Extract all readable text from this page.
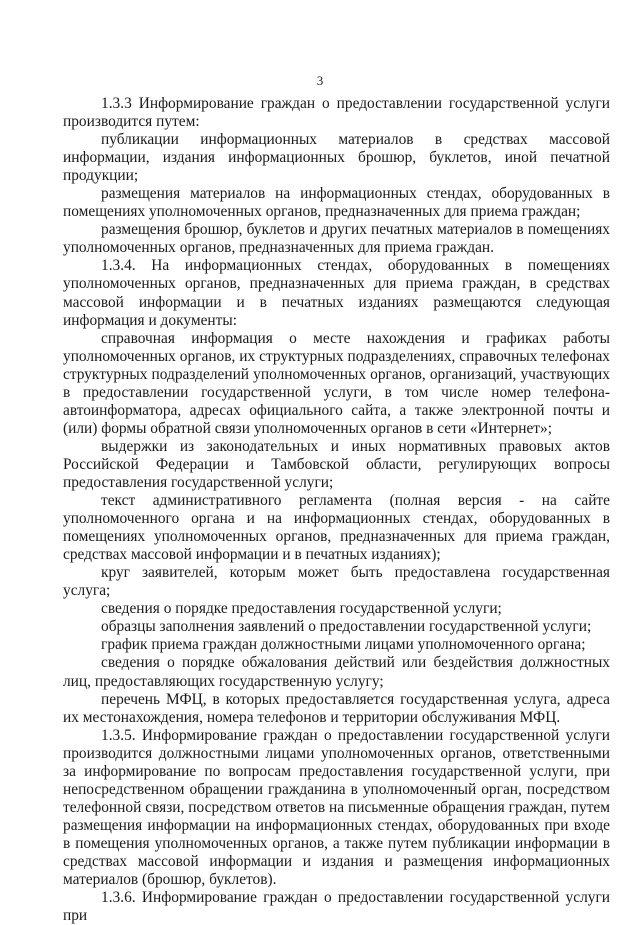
3

1.3.3 Информирование граждан о предоставлении государственной услуги производится путем:

публикации информационных материалов в средствах массовой информации, издания информационных брошюр, буклетов, иной печатной продукции;

размещения материалов на информационных стендах, оборудованных в помещениях уполномоченных органов, предназначенных для приема граждан;

размещения брошюр, буклетов и других печатных материалов в помещениях уполномоченных органов, предназначенных для приема граждан.

1.3.4. На информационных стендах, оборудованных в помещениях уполномоченных органов, предназначенных для приема граждан, в средствах массовой информации и в печатных изданиях размещаются следующая информация и документы:

справочная информация о месте нахождения и графиках работы уполномоченных органов, их структурных подразделениях, справочных телефонах структурных подразделений уполномоченных органов, организаций, участвующих в предоставлении государственной услуги, в том числе номер телефона-автоинформатора, адресах официального сайта, а также электронной почты и (или) формы обратной связи уполномоченных органов в сети «Интернет»;

выдержки из законодательных и иных нормативных правовых актов Российской Федерации и Тамбовской области, регулирующих вопросы предоставления государственной услуги;

текст административного регламента (полная версия - на сайте уполномоченного органа и на информационных стендах, оборудованных в помещениях уполномоченных органов, предназначенных для приема граждан, средствах массовой информации и в печатных изданиях);

круг заявителей, которым может быть предоставлена государственная услуга;

сведения о порядке предоставления государственной услуги;

образцы заполнения заявлений о предоставлении государственной услуги;

график приема граждан должностными лицами уполномоченного органа;

сведения о порядке обжалования действий или бездействия должностных лиц, предоставляющих государственную услугу;

перечень МФЦ, в которых предоставляется государственная услуга, адреса их местонахождения, номера телефонов и территории обслуживания МФЦ.

1.3.5. Информирование граждан о предоставлении государственной услуги производится должностными лицами уполномоченных органов, ответственными за информирование по вопросам предоставления государственной услуги, при непосредственном обращении гражданина в уполномоченный орган, посредством телефонной связи, посредством ответов на письменные обращения граждан, путем размещения информации на информационных стендах, оборудованных при входе в помещения уполномоченных органов, а также путем публикации информации в средствах массовой информации и издания и размещения информационных материалов (брошюр, буклетов).

1.3.6. Информирование граждан о предоставлении государственной услуги при
